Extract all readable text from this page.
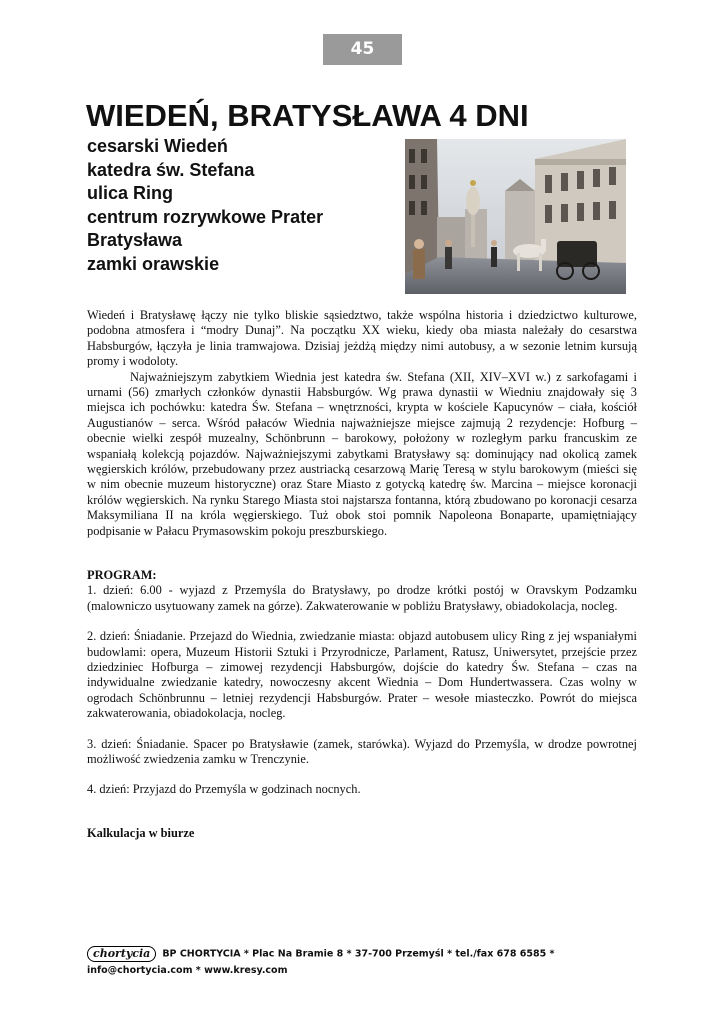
45
WIEDEŃ, BRATYSŁAWA 4 DNI
cesarski Wiedeń
katedra św. Stefana
ulica Ring
centrum rozrywkowe Prater
Bratysława
zamki orawskie

Wiedeń i Bratysławę łączy nie tylko bliskie sąsiedztwo, także wspólna historia i dziedzictwo kulturowe, podobna atmosfera i “modry Dunaj”. Na początku XX wieku, kiedy oba miasta należały do cesarstwa Habsburgów, łączyła je linia tramwajowa. Dzisiaj jeżdżą między nimi autobusy, a w sezonie letnim kursują promy i wodoloty.

Najważniejszym zabytkiem Wiednia jest katedra św. Stefana (XII, XIV–XVI w.) z sarkofagami i urnami (56) zmarłych członków dynastii Habsburgów. Wg prawa dynastii w Wiedniu znajdowały się 3 miejsca ich pochówku: katedra Św. Stefana – wnętrzności, krypta w kościele Kapucynów – ciała, kościół Augustianów – serca. Wśród pałaców Wiednia najważniejsze miejsce zajmują 2 rezydencje: Hofburg – obecnie wielki zespół muzealny, Schönbrunn – barokowy, położony w rozległym parku francuskim ze wspaniałą kolekcją pojazdów. Najważniejszymi zabytkami Bratysławy są: dominujący nad okolicą zamek węgierskich królów, przebudowany przez austriacką cesarzową Marię Teresą w stylu barokowym (mieści się w nim obecnie muzeum historyczne) oraz Stare Miasto z gotycką katedrę św. Marcina – miejsce koronacji królów węgierskich. Na rynku Starego Miasta stoi najstarsza fontanna, którą zbudowano po koronacji cesarza Maksymiliana II na króla węgierskiego. Tuż obok stoi pomnik Napoleona Bonaparte, upamiętniający podpisanie w Pałacu Prymasowskim pokoju preszburskiego.

PROGRAM:

1. dzień: 6.00 - wyjazd z Przemyśla do Bratysławy, po drodze krótki postój w Oravskym Podzamku (malowniczo usytuowany zamek na górze). Zakwaterowanie w pobliżu Bratysławy, obiadokolacja, nocleg.

2. dzień: Śniadanie. Przejazd do Wiednia, zwiedzanie miasta: objazd autobusem ulicy Ring z jej wspaniałymi budowlami: opera, Muzeum Historii Sztuki i Przyrodnicze, Parlament, Ratusz, Uniwersytet, przejście przez dziedziniec Hofburga – zimowej rezydencji Habsburgów, dojście do katedry Św. Stefana – czas na indywidualne zwiedzanie katedry, nowoczesny akcent Wiednia – Dom Hundertwassera. Czas wolny w ogrodach Schönbrunnu – letniej rezydencji Habsburgów. Prater – wesołe miasteczko. Powrót do miejsca zakwaterowania, obiadokolacja, nocleg.

3. dzień: Śniadanie. Spacer po Bratysławie (zamek, starówka). Wyjazd do Przemyśla, w drodze powrotnej możliwość zwiedzenia zamku w Trenczynie.

4. dzień: Przyjazd do Przemyśla w godzinach nocnych.

Kalkulacja w biurze

chortycia BP CHORTYCIA * Plac Na Bramie 8 * 37-700 Przemyśl * tel./fax 678 6585 *
info@chortycia.com * www.kresy.com
